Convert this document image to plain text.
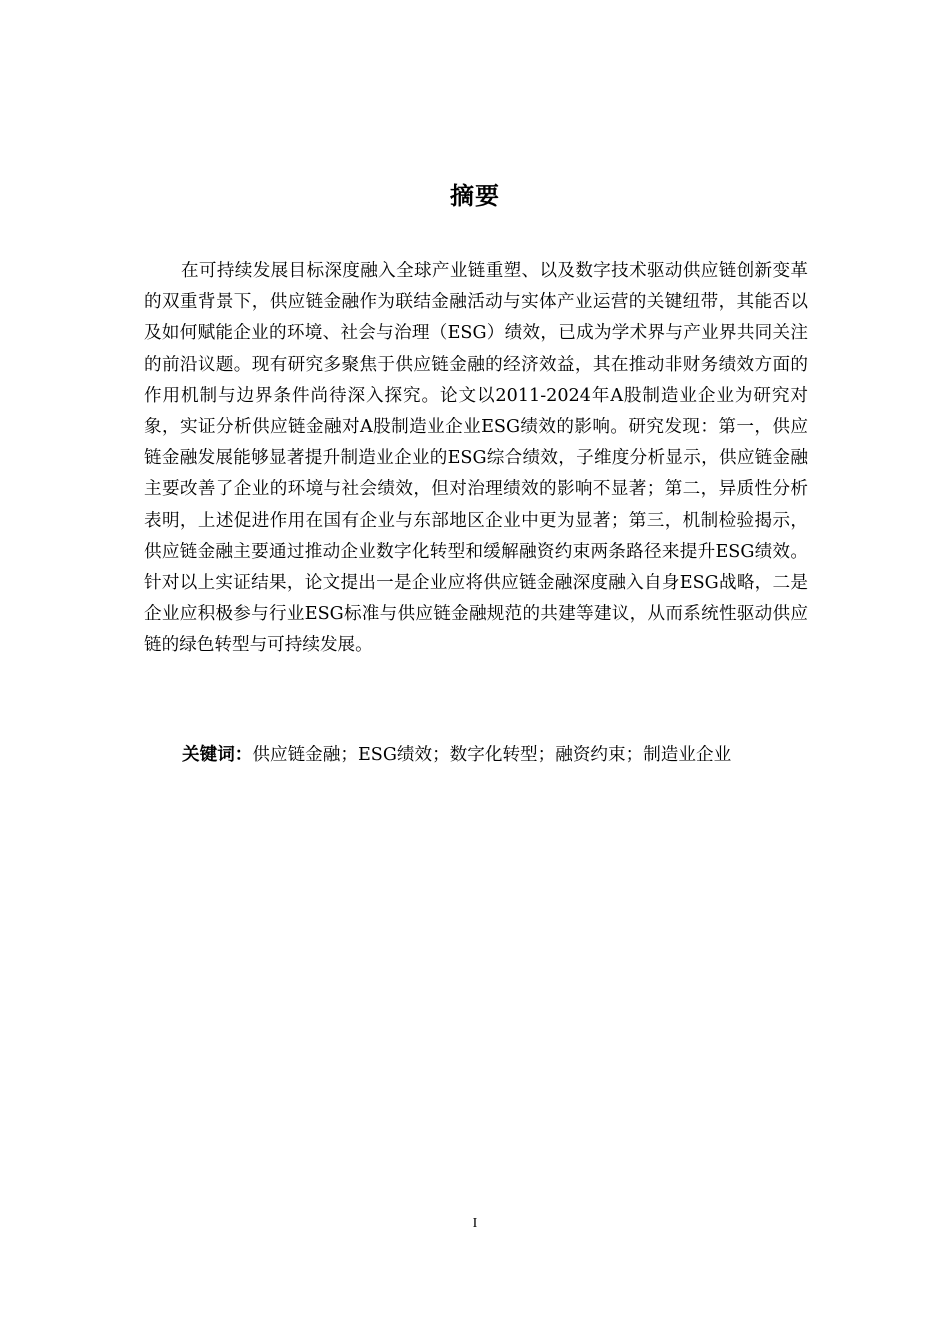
摘要

在可持续发展目标深度融入全球产业链重塑、以及数字技术驱动供应链创新变革的双重背景下，供应链金融作为联结金融活动与实体产业运营的关键纽带，其能否以及如何赋能企业的环境、社会与治理（ESG）绩效，已成为学术界与产业界共同关注的前沿议题。现有研究多聚焦于供应链金融的经济效益，其在推动非财务绩效方面的作用机制与边界条件尚待深入探究。论文以2011-2024年A股制造业企业为研究对象，实证分析供应链金融对A股制造业企业ESG绩效的影响。研究发现：第一，供应链金融发展能够显著提升制造业企业的ESG综合绩效，子维度分析显示，供应链金融主要改善了企业的环境与社会绩效，但对治理绩效的影响不显著；第二，异质性分析表明，上述促进作用在国有企业与东部地区企业中更为显著；第三，机制检验揭示，供应链金融主要通过推动企业数字化转型和缓解融资约束两条路径来提升ESG绩效。针对以上实证结果，论文提出一是企业应将供应链金融深度融入自身ESG战略，二是企业应积极参与行业ESG标准与供应链金融规范的共建等建议，从而系统性驱动供应链的绿色转型与可持续发展。

关键词：供应链金融；ESG绩效；数字化转型；融资约束；制造业企业
I
